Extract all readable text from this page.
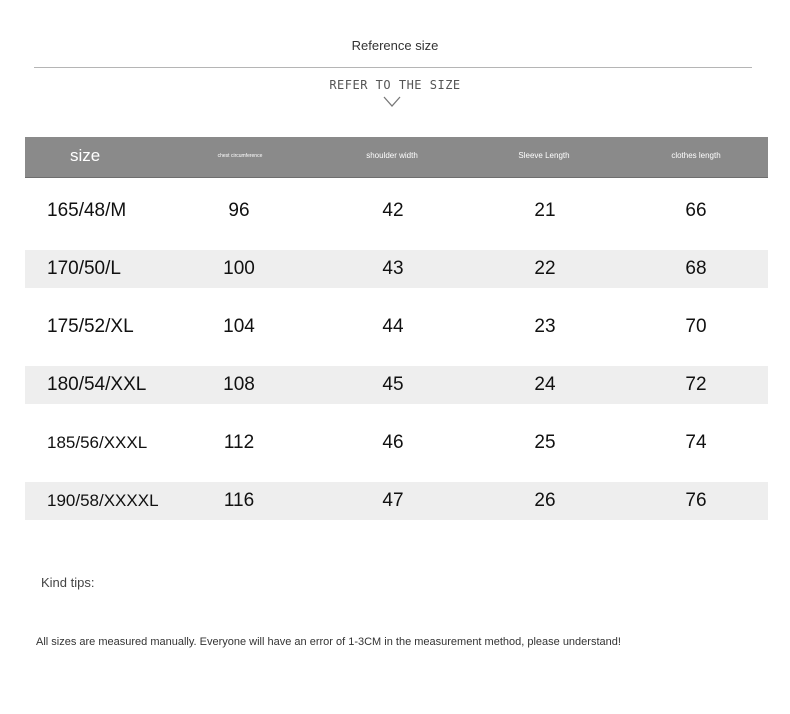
Reference size
REFER TO THE SIZE
size	chest circumference	shoulder width	Sleeve Length	clothes length
165/48/M	96	42	21	66
170/50/L	100	43	22	68
175/52/XL	104	44	23	70
180/54/XXL	108	45	24	72
185/56/XXXL	112	46	25	74
190/58/XXXXL	116	47	26	76
Kind tips:
All sizes are measured manually. Everyone will have an error of 1-3CM in the measurement method, please understand!
